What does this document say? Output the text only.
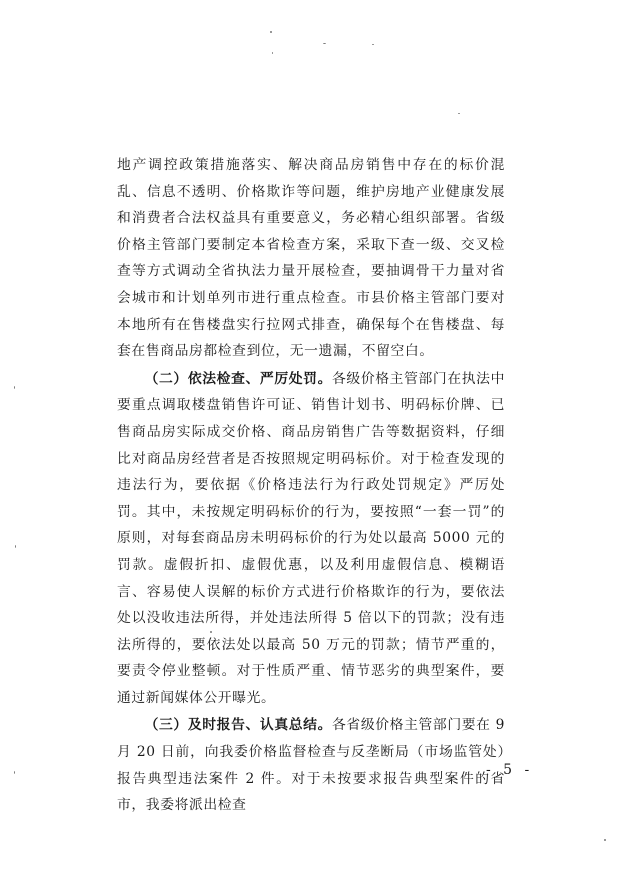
地产调控政策措施落实、解决商品房销售中存在的标价混乱、信息不透明、价格欺诈等问题，维护房地产业健康发展和消费者合法权益具有重要意义，务必精心组织部署。省级价格主管部门要制定本省检查方案，采取下查一级、交叉检查等方式调动全省执法力量开展检查，要抽调骨干力量对省会城市和计划单列市进行重点检查。市县价格主管部门要对本地所有在售楼盘实行拉网式排查，确保每个在售楼盘、每套在售商品房都检查到位，无一遗漏，不留空白。

（二）依法检查、严厉处罚。各级价格主管部门在执法中要重点调取楼盘销售许可证、销售计划书、明码标价牌、已售商品房实际成交价格、商品房销售广告等数据资料，仔细比对商品房经营者是否按照规定明码标价。对于检查发现的违法行为，要依据《价格违法行为行政处罚规定》严厉处罚。其中，未按规定明码标价的行为，要按照“一套一罚”的原则，对每套商品房未明码标价的行为处以最高 5000 元的罚款。虚假折扣、虚假优惠，以及利用虚假信息、模糊语言、容易使人误解的标价方式进行价格欺诈的行为，要依法处以没收违法所得，并处违法所得 5 倍以下的罚款；没有违法所得的，要依法处以最高 50 万元的罚款；情节严重的，要责令停业整顿。对于性质严重、情节恶劣的典型案件，要通过新闻媒体公开曝光。

（三）及时报告、认真总结。各省级价格主管部门要在 9 月 20 日前，向我委价格监督检查与反垄断局（市场监管处）报告典型违法案件 2 件。对于未按要求报告典型案件的省市，我委将派出检查

- 5 -
